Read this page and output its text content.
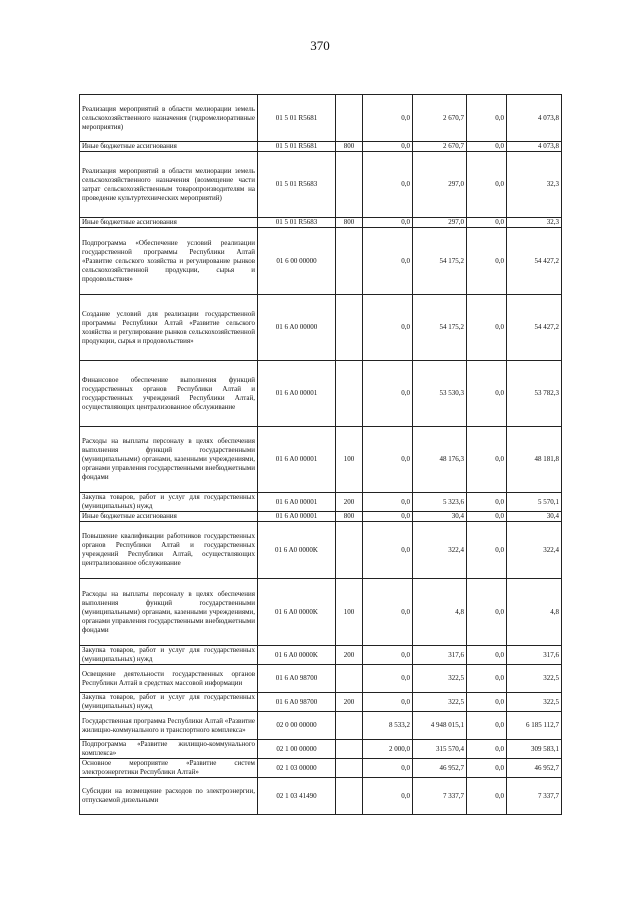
370
Реализация мероприятий в области мелиорации земель сельскохозяйственного назначения (гидромелиоративные мероприятия)	01 5 01 R5681		0,0	2 670,7	0,0	4 073,8
Иные бюджетные ассигнования	01 5 01 R5681	800	0,0	2 670,7	0,0	4 073,8
Реализация мероприятий в области мелиорации земель сельскохозяйственного назначения (возмещение части затрат сельскохозяйственным товаропроизводителям на проведение культуртехнических мероприятий)	01 5 01 R5683		0,0	297,0	0,0	32,3
Иные бюджетные ассигнования	01 5 01 R5683	800	0,0	297,0	0,0	32,3
Подпрограмма «Обеспечение условий реализации государственной программы Республики Алтай «Развитие сельского хозяйства и регулирование рынков сельскохозяйственной продукции, сырья и продовольствия»	01 6 00 00000		0,0	54 175,2	0,0	54 427,2
Создание условий для реализации государственной программы Республики Алтай «Развитие сельского хозяйства и регулирование рынков сельскохозяйственной продукции, сырья и продовольствия»	01 6 A0 00000		0,0	54 175,2	0,0	54 427,2
Финансовое обеспечение выполнения функций государственных органов Республики Алтай и государственных учреждений Республики Алтай, осуществляющих централизованное обслуживание	01 6 A0 00001		0,0	53 530,3	0,0	53 782,3
Расходы на выплаты персоналу в целях обеспечения выполнения функций государственными (муниципальными) органами, казенными учреждениями, органами управления государственными внебюджетными фондами	01 6 A0 00001	100	0,0	48 176,3	0,0	48 181,8
Закупка товаров, работ и услуг для государственных (муниципальных) нужд	01 6 A0 00001	200	0,0	5 323,6	0,0	5 570,1
Иные бюджетные ассигнования	01 6 A0 00001	800	0,0	30,4	0,0	30,4
Повышение квалификации работников государственных органов Республики Алтай и государственных учреждений Республики Алтай, осуществляющих централизованное обслуживание	01 6 A0 0000K		0,0	322,4	0,0	322,4
Расходы на выплаты персоналу в целях обеспечения выполнения функций государственными (муниципальными) органами, казенными учреждениями, органами управления государственными внебюджетными фондами	01 6 A0 0000K	100	0,0	4,8	0,0	4,8
Закупка товаров, работ и услуг для государственных (муниципальных) нужд	01 6 A0 0000K	200	0,0	317,6	0,0	317,6
Освещение деятельности государственных органов Республики Алтай в средствах массовой информации	01 6 A0 98700		0,0	322,5	0,0	322,5
Закупка товаров, работ и услуг для государственных (муниципальных) нужд	01 6 A0 98700	200	0,0	322,5	0,0	322,5
Государственная программа Республики Алтай «Развитие жилищно-коммунального и транспортного комплекса»	02 0 00 00000		8 533,2	4 948 015,1	0,0	6 185 112,7
Подпрограмма «Развитие жилищно-коммунального комплекса»	02 1 00 00000		2 000,0	315 570,4	0,0	309 583,1
Основное мероприятие «Развитие систем электроэнергетики Республики Алтай»	02 1 03 00000		0,0	46 952,7	0,0	46 952,7
Субсидии на возмещение расходов по электроэнергии, отпускаемой дизельными	02 1 03 41490		0,0	7 337,7	0,0	7 337,7
